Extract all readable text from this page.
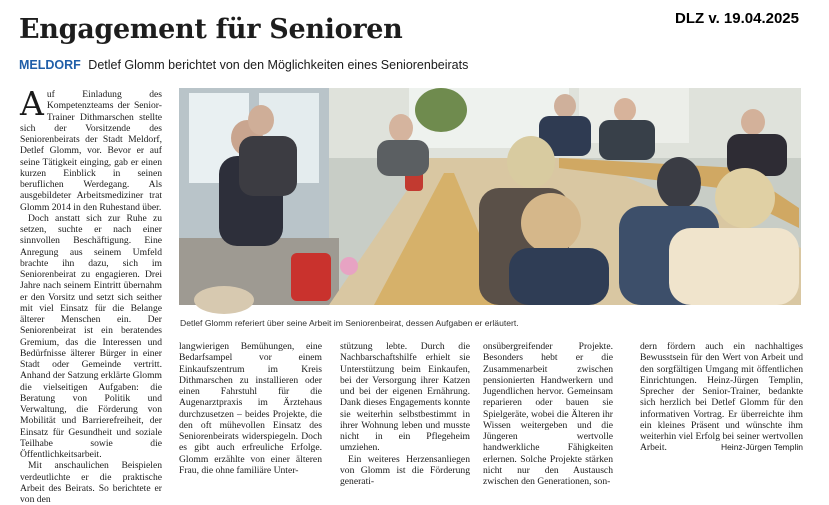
Engagement für Senioren	DLZ v. 19.04.2025
MELDORF Detlef Glomm berichtet von den Möglichkeiten eines Seniorenbeirats

Auf Einladung des Kompetenzteams der Senior-Trainer Dithmarschen stellte sich der Vorsitzende des Seniorenbeirats der Stadt Meldorf, Detlef Glomm, vor. Bevor er auf seine Tätigkeit einging, gab er einen kurzen Einblick in seinen beruflichen Werdegang. Als ausgebildeter Arbeitsmediziner trat Glomm 2014 in den Ruhestand über.

Doch anstatt sich zur Ruhe zu setzen, suchte er nach einer sinnvollen Beschäftigung. Eine Anregung aus seinem Umfeld brachte ihn dazu, sich im Seniorenbeirat zu engagieren. Drei Jahre nach seinem Eintritt übernahm er den Vorsitz und setzt sich seither mit viel Einsatz für die Belange älterer Menschen ein. Der Seniorenbeirat ist ein beratendes Gremium, das die Interessen und Bedürfnisse älterer Bürger in einer Stadt oder Gemeinde vertritt. Anhand der Satzung erklärte Glomm die vielseitigen Aufgaben: die Beratung von Politik und Verwaltung, die Förderung von Mobilität und Barrierefreiheit, der Einsatz für Gesundheit und soziale Teilhabe sowie die Öffentlichkeitsarbeit.

Mit anschaulichen Beispielen verdeutlichte er die praktische Arbeit des Beirats. So berichtete er von den

Detlef Glomm referiert über seine Arbeit im Seniorenbeirat, dessen Aufgaben er erläutert.

langwierigen Bemühungen, eine Bedarfsampel vor einem Einkaufszentrum im Kreis Dithmarschen zu installieren oder einen Fahrstuhl für die Augenarztpraxis im Ärztehaus durchzusetzen – beides Projekte, die den oft mühevollen Einsatz des Seniorenbeirats widerspiegeln. Doch es gibt auch erfreuliche Erfolge. Glomm erzählte von einer älteren Frau, die ohne familiäre Unter-

stützung lebte. Durch die Nachbarschaftshilfe erhielt sie Unterstützung beim Einkaufen, bei der Versorgung ihrer Katzen und bei der eigenen Ernährung. Dank dieses Engagements konnte sie weiterhin selbstbestimmt in ihrer Wohnung leben und musste nicht in ein Pflegeheim umziehen.

Ein weiteres Herzensanliegen von Glomm ist die Förderung generati-

onsübergreifender Projekte. Besonders hebt er die Zusammenarbeit zwischen pensionierten Handwerkern und Jugendlichen hervor. Gemeinsam reparieren oder bauen sie Spielgeräte, wobei die Älteren ihr Wissen weitergeben und die Jüngeren wertvolle handwerkliche Fähigkeiten erlernen. Solche Projekte stärken nicht nur den Austausch zwischen den Generationen, son-

dern fördern auch ein nachhaltiges Bewusstsein für den Wert von Arbeit und den sorgfältigen Umgang mit öffentlichen Einrichtungen. Heinz-Jürgen Templin, Sprecher der Senior-Trainer, bedankte sich herzlich bei Detlef Glomm für den informativen Vortrag. Er überreichte ihm ein kleines Präsent und wünschte ihm weiterhin viel Erfolg bei seiner wertvollen Arbeit.	Heinz-Jürgen Templin
